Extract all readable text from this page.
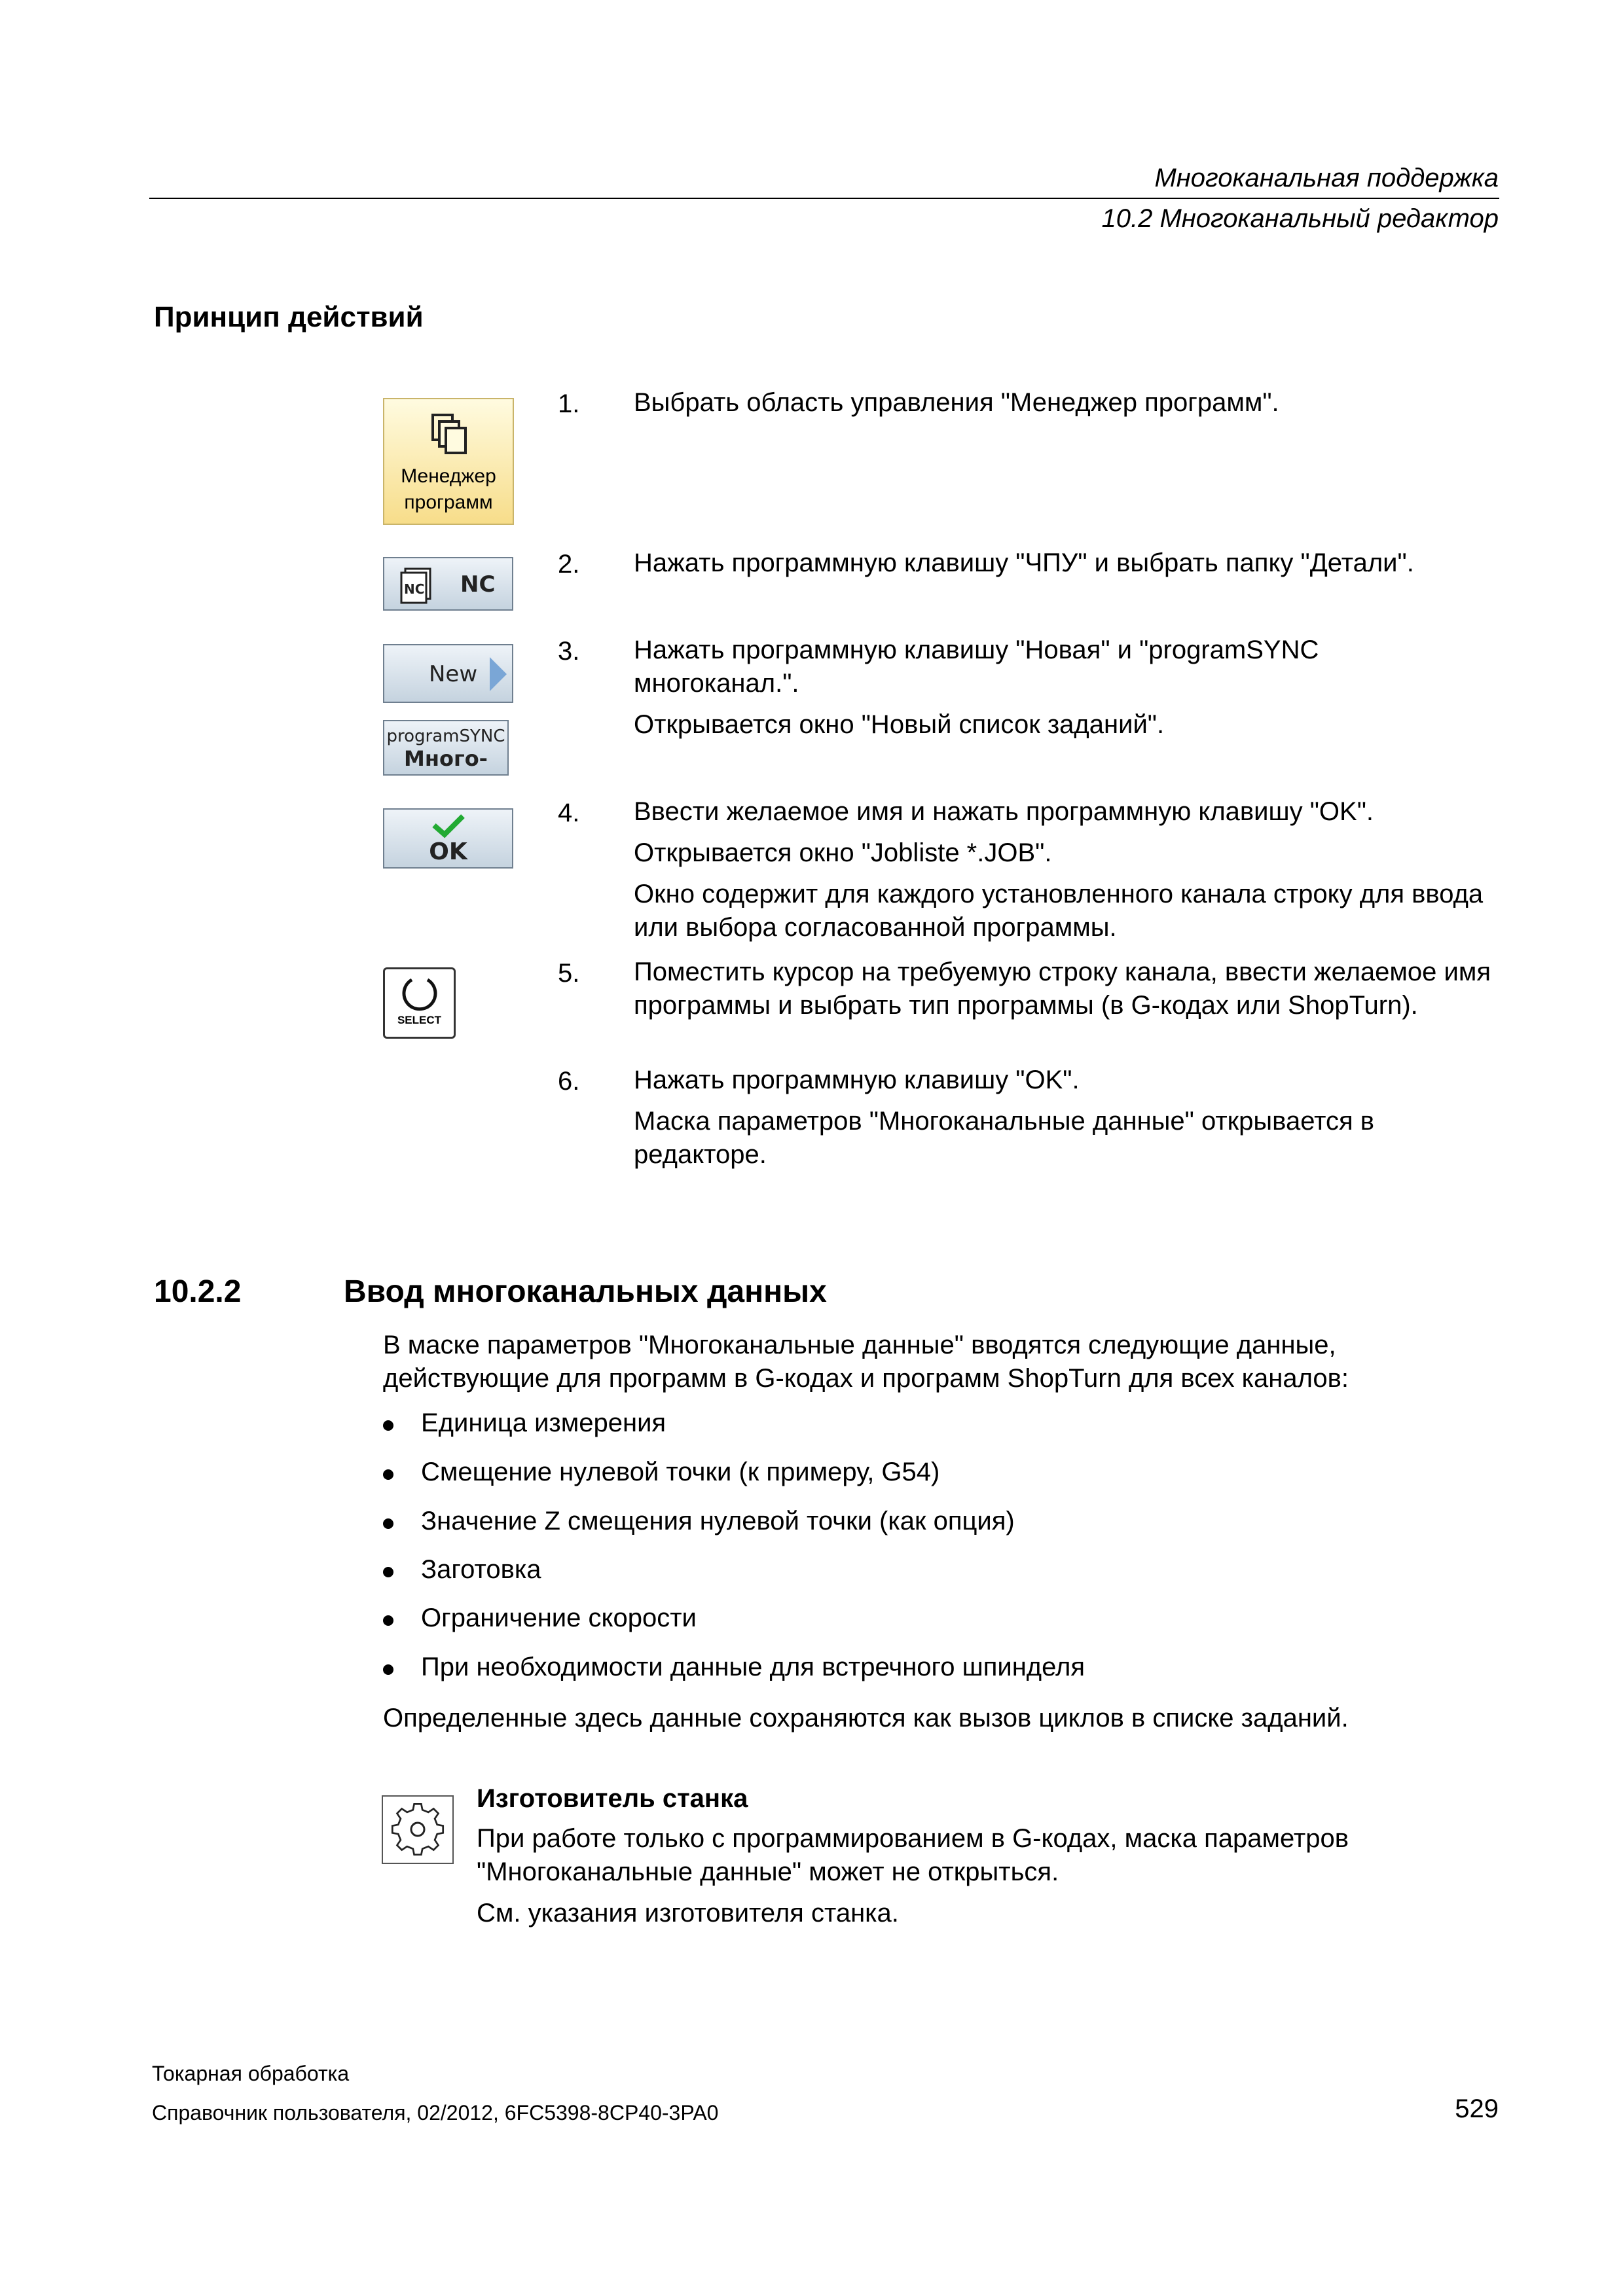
Многоканальная поддержка
10.2 Многоканальный редактор
Принцип действий
Менеджер
программ
NC NC
New
programSYNC
Много-
OK
SELECT
1. Выбрать область управления "Менеджер программ".
2. Нажать программную клавишу "ЧПУ" и выбрать папку "Детали".
3. Нажать программную клавишу "Новая" и "programSYNC многоканал.".
Открывается окно "Новый список заданий".
4. Ввести желаемое имя и нажать программную клавишу "OK".
Открывается окно "Jobliste *.JOB".
Окно содержит для каждого установленного канала строку для ввода или выбора согласованной программы.
5. Поместить курсор на требуемую строку канала, ввести желаемое имя программы и выбрать тип программы (в G-кодах или ShopTurn).
6. Нажать программную клавишу "OK".
Маска параметров "Многоканальные данные" открывается в редакторе.
10.2.2	Ввод многоканальных данных
В маске параметров "Многоканальные данные" вводятся следующие данные, действующие для программ в G-кодах и программ ShopTurn для всех каналов:
Единица измерения
Смещение нулевой точки (к примеру, G54)
Значение Z смещения нулевой точки (как опция)
Заготовка
Ограничение скорости
При необходимости данные для встречного шпинделя
Определенные здесь данные сохраняются как вызов циклов в списке заданий.
Изготовитель станка
При работе только с программированием в G-кодах, маска параметров "Многоканальные данные" может не открыться.
См. указания изготовителя станка.
Токарная обработка
Справочник пользователя, 02/2012, 6FC5398-8CP40-3PA0	529
